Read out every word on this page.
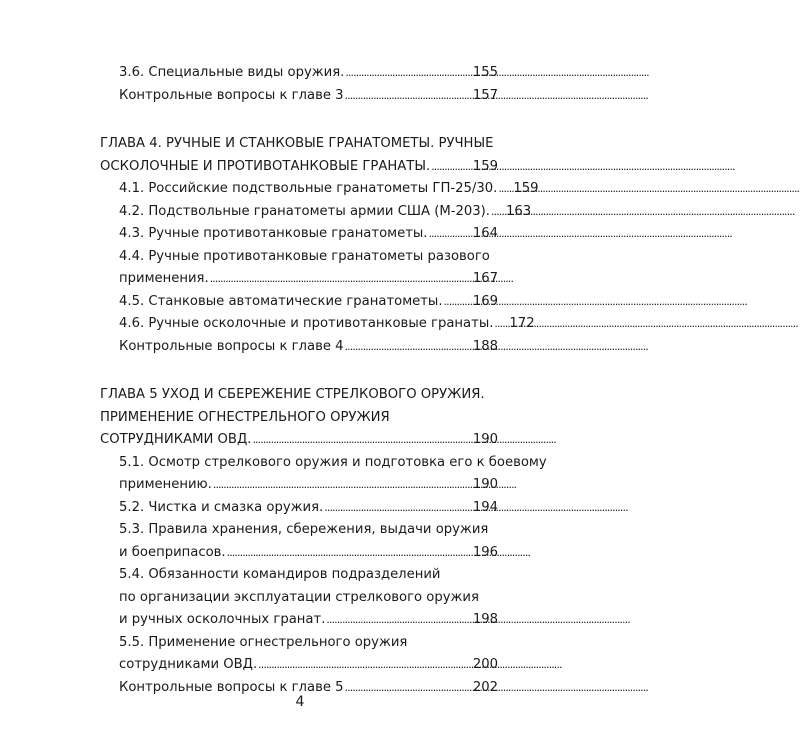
3.6. Специальные виды оружия. . . .	155
Контрольные вопросы к главе 3 . . .	157
ГЛАВА 4. РУЧНЫЕ И СТАНКОВЫЕ ГРАНАТОМЕТЫ. РУЧНЫЕ
ОСКОЛОЧНЫЕ И ПРОТИВОТАНКОВЫЕ ГРАНАТЫ. . . .	159
4.1. Российские подствольные гранатометы ГП-25/30. . . . 159
4.2. Подствольные гранатометы армии США (М-203). . . . 163
4.3. Ручные противотанковые гранатометы. . . .	164
4.4. Ручные противотанковые гранатометы разового
применения. . . .	167
4.5. Станковые автоматические гранатометы. . . . 169
4.6. Ручные осколочные и противотанковые гранаты. . . . 172
Контрольные вопросы к главе 4 . . .	188
ГЛАВА 5 УХОД И СБЕРЕЖЕНИЕ СТРЕЛКОВОГО ОРУЖИЯ.
ПРИМЕНЕНИЕ ОГНЕСТРЕЛЬНОГО ОРУЖИЯ
СОТРУДНИКАМИ ОВД. . . .	190
5.1. Осмотр стрелкового оружия и подготовка его к боевому
применению. . . .	190
5.2. Чистка и смазка оружия. . . .	194
5.3. Правила хранения, сбережения, выдачи оружия
и боеприпасов. . . .	196
5.4. Обязанности командиров подразделений
по организации эксплуатации стрелкового оружия
и ручных осколочных гранат. . . .	198
5.5. Применение огнестрельного оружия
сотрудниками ОВД. . . .	200
Контрольные вопросы к главе 5 . . .	202
4
